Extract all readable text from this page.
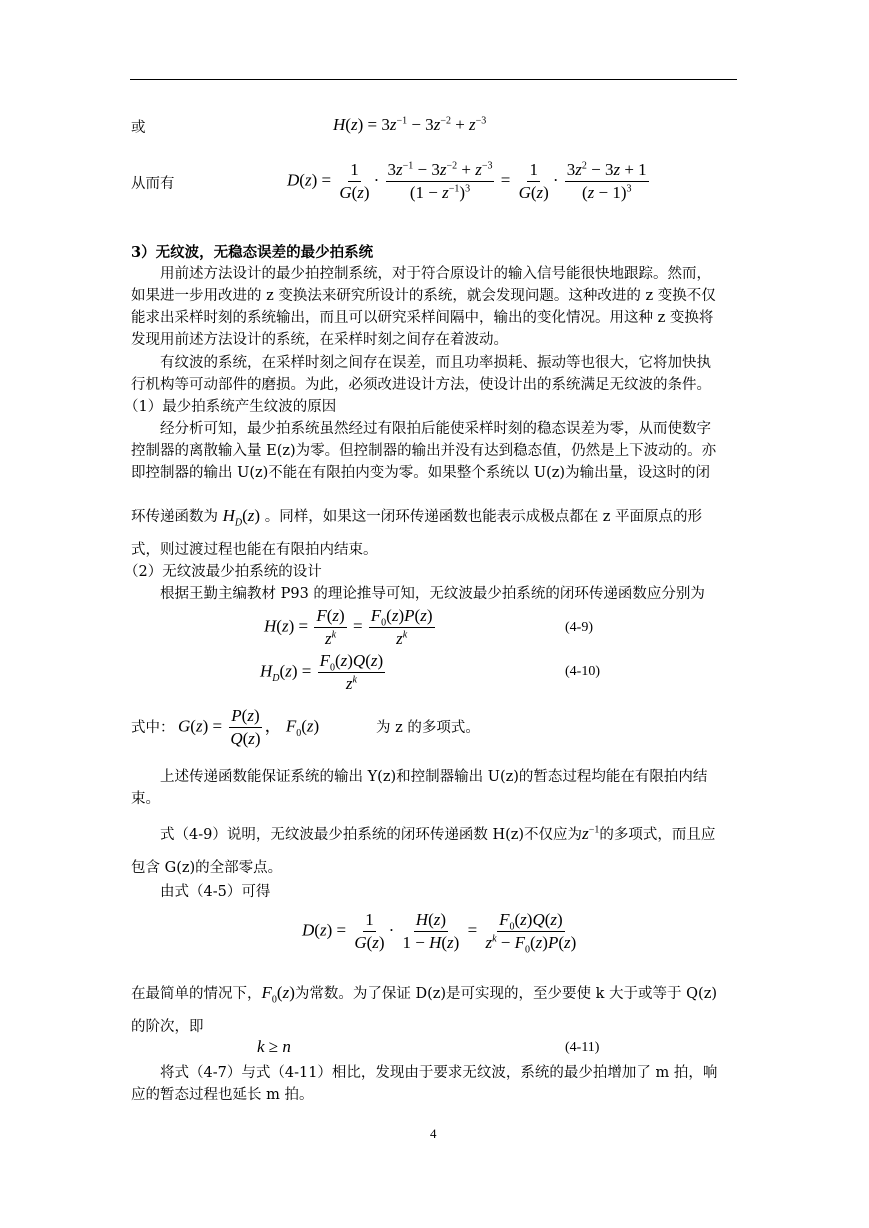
或	$H(z) = 3z^{-1} - 3z^{-2} + z^{-3}$
从而有	$D(z) = \frac{1}{G(z)} \cdot \frac{3z^{-1} - 3z^{-2} + z^{-3}}{(1 - z^{-1})^3} = \frac{1}{G(z)} \cdot \frac{3z^2 - 3z + 1}{(z - 1)^3}$
3）无纹波，无稳态误差的最少拍系统
用前述方法设计的最少拍控制系统，对于符合原设计的输入信号能很快地跟踪。然而，
如果进一步用改进的 z 变换法来研究所设计的系统，就会发现问题。这种改进的 z 变换不仅
能求出采样时刻的系统输出，而且可以研究采样间隔中，输出的变化情况。用这种 z 变换将
发现用前述方法设计的系统，在采样时刻之间存在着波动。
有纹波的系统，在采样时刻之间存在误差，而且功率损耗、振动等也很大，它将加快执
行机构等可动部件的磨损。为此，必须改进设计方法，使设计出的系统满足无纹波的条件。
（1）最少拍系统产生纹波的原因
经分析可知，最少拍系统虽然经过有限拍后能使采样时刻的稳态误差为零，从而使数字
控制器的离散输入量 E(z)为零。但控制器的输出并没有达到稳态值，仍然是上下波动的。亦
即控制器的输出 U(z)不能在有限拍内变为零。如果整个系统以 U(z)为输出量，设这时的闭
环传递函数为 $H_D(z)$ 。同样，如果这一闭环传递函数也能表示成极点都在 z 平面原点的形
式，则过渡过程也能在有限拍内结束。
（2）无纹波最少拍系统的设计
根据王勤主编教材 P93 的理论推导可知，无纹波最少拍系统的闭环传递函数应分别为
$H(z) = \frac{F(z)}{z^k} = \frac{F_0(z)P(z)}{z^k}$	(4-9)
$H_D(z) = \frac{F_0(z)Q(z)}{z^k}$	(4-10)
式中： $G(z) = \frac{P(z)}{Q(z)}$ ， $F_0(z)$	为 z 的多项式。
上述传递函数能保证系统的输出 Y(z)和控制器输出 U(z)的暂态过程均能在有限拍内结
束。
式（4-9）说明，无纹波最少拍系统的闭环传递函数 H(z)不仅应为$z^{-1}$的多项式，而且应
包含 G(z)的全部零点。
由式（4-5）可得
$D(z) = \frac{1}{G(z)} \cdot \frac{H(z)}{1 - H(z)} = \frac{F_0(z)Q(z)}{z^k - F_0(z)P(z)}$
在最简单的情况下，$F_0(z)$为常数。为了保证 D(z)是可实现的，至少要使 k 大于或等于 Q(z)
的阶次，即
k ≥ n	(4-11)
将式（4-7）与式（4-11）相比，发现由于要求无纹波，系统的最少拍增加了 m 拍，响
应的暂态过程也延长 m 拍。
4
